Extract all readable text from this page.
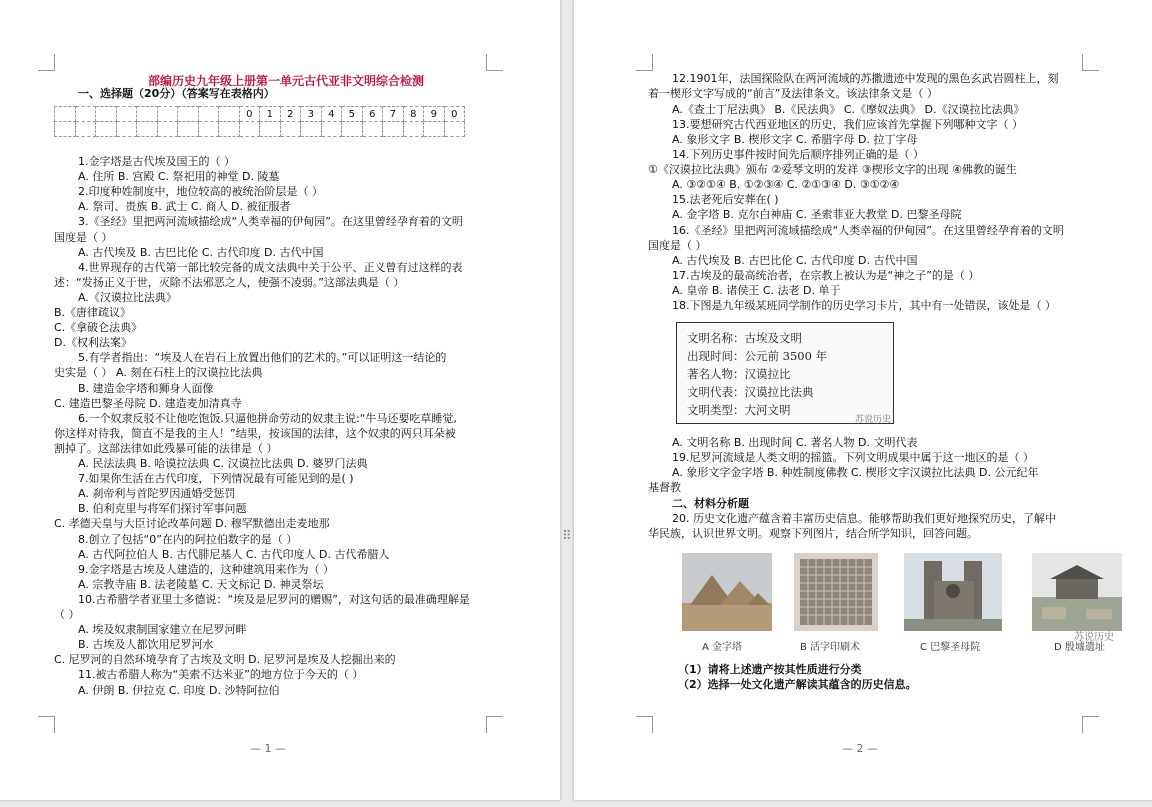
部编历史九年级上册第一单元古代亚非文明综合检测
一、选择题（20分）（答案写在表格内）
									0	1	2	3	4	5	6	7	8	9	0

1.金字塔是古代埃及国王的（ ）
A. 住所 B. 宫殿 C. 祭祀用的神堂 D. 陵墓
2.印度种姓制度中，地位较高的被统治阶层是（ ）
A. 祭司、贵族 B. 武士 C. 商人 D. 被征服者
3.《圣经》里把两河流域描绘成“人类幸福的伊甸园”。在这里曾经孕育着的文明
国度是（ ）
A. 古代埃及 B. 古巴比伦 C. 古代印度 D. 古代中国
4.世界现存的古代第一部比较完备的成文法典中关于公平、正义曾有过这样的表
述：“发扬正义于世，灭除不法邪恶之人，使强不凌弱。”这部法典是（ ）
A.《汉谟拉比法典》
B.《唐律疏议》
C.《拿破仑法典》
D.《权利法案》
5.有学者指出：“埃及人在岩石上放置出他们的艺术的。”可以证明这一结论的
史实是（ ） A. 刻在石柱上的汉谟拉比法典
B. 建造金字塔和狮身人面像
C. 建造巴黎圣母院 D. 建造麦加清真寺
6.一个奴隶反驳不让他吃饱饭.只逼他拼命劳动的奴隶主说:“牛马还要吃草睡觉,
你这样对待我，简直不是我的主人！”结果，按该国的法律，这个奴隶的两只耳朵被
割掉了。这部法律如此残暴可能的法律是（ ）
A. 民法法典 B. 哈谟拉法典 C. 汉谟拉比法典 D. 婆罗门法典
7.如果你生活在古代印度，下列情况最有可能见到的是( )
A. 刹帝利与首陀罗因通婚受惩罚
B. 伯利克里与将军们探讨军事问题
C. 孝德天皇与大臣讨论改革问题 D. 穆罕默德出走麦地那
8.创立了包括“0”在内的阿拉伯数字的是（ ）
A. 古代阿拉伯人 B. 古代腓尼基人 C. 古代印度人 D. 古代希腊人
9.金字塔是古埃及人建造的，这种建筑用来作为（ ）
A. 宗教寺庙 B. 法老陵墓 C. 天文标记 D. 神灵祭坛
10.古希腊学者亚里士多德说：“埃及是尼罗河的赠赐”，对这句话的最准确理解是
（ ）
A. 埃及奴隶制国家建立在尼罗河畔
B. 古埃及人都饮用尼罗河水
C. 尼罗河的自然环境孕育了古埃及文明 D. 尼罗河是埃及人挖掘出来的
11.被古希腊人称为“美索不达米亚”的地方位于今天的（ ）
A. 伊朗 B. 伊拉克 C. 印度 D. 沙特阿拉伯
— 1 —
⠿
12.1901年，法国探险队在两河流域的苏撒遗迹中发现的黑色玄武岩圆柱上，刻
着一楔形文字写成的“前言”及法律条文。该法律条文是（ ）
A.《查士丁尼法典》 B.《民法典》 C.《摩奴法典》 D.《汉谟拉比法典》
13.要想研究古代西亚地区的历史，我们应该首先掌握下列哪种文字（ ）
A. 象形文字 B. 楔形文字 C. 希腊字母 D. 拉丁字母
14.下列历史事件按时间先后顺序排列正确的是（ ）
①《汉谟拉比法典》颁布 ②爱琴文明的发祥 ③楔形文字的出现 ④佛教的诞生
A. ③②①④ B. ①②③④ C. ②①③④ D. ③①②④
15.法老死后安葬在( )
A. 金字塔 B. 克尔白神庙 C. 圣索菲亚大教堂 D. 巴黎圣母院
16.《圣经》里把两河流域描绘成“人类幸福的伊甸园”。在这里曾经孕育着的文明
国度是（ ）
A. 古代埃及 B. 古巴比伦 C. 古代印度 D. 古代中国
17.古埃及的最高统治者，在宗教上被认为是“神之子”的是（ ）
A. 皇帝 B. 诸侯王 C. 法老 D. 单于
18.下图是九年级某班同学制作的历史学习卡片，其中有一处错误，该处是（ ）
A. 文明名称 B. 出现时间 C. 著名人物 D. 文明代表
19.尼罗河流域是人类文明的摇篮。下列文明成果中属于这一地区的是（ ）
A. 象形文字金字塔 B. 种姓制度佛教 C. 楔形文字汉谟拉比法典 D. 公元纪年
基督教
二、材料分析题
20. 历史文化遗产蕴含着丰富历史信息。能够帮助我们更好地探究历史，了解中
华民族，认识世界文明。观察下列图片，结合所学知识，回答问题。
（1）请将上述遗产按其性质进行分类
（2）选择一处文化遗产解读其蕴含的历史信息。
— 2 —
文明名称：古埃及文明
出现时间：公元前 3500 年
著名人物：汉谟拉比
文明代表：汉谟拉比法典
文明类型：大河文明
苏说历史
A 金字塔	B 活字印刷术	C 巴黎圣母院	D 殷墟遗址
苏说历史
